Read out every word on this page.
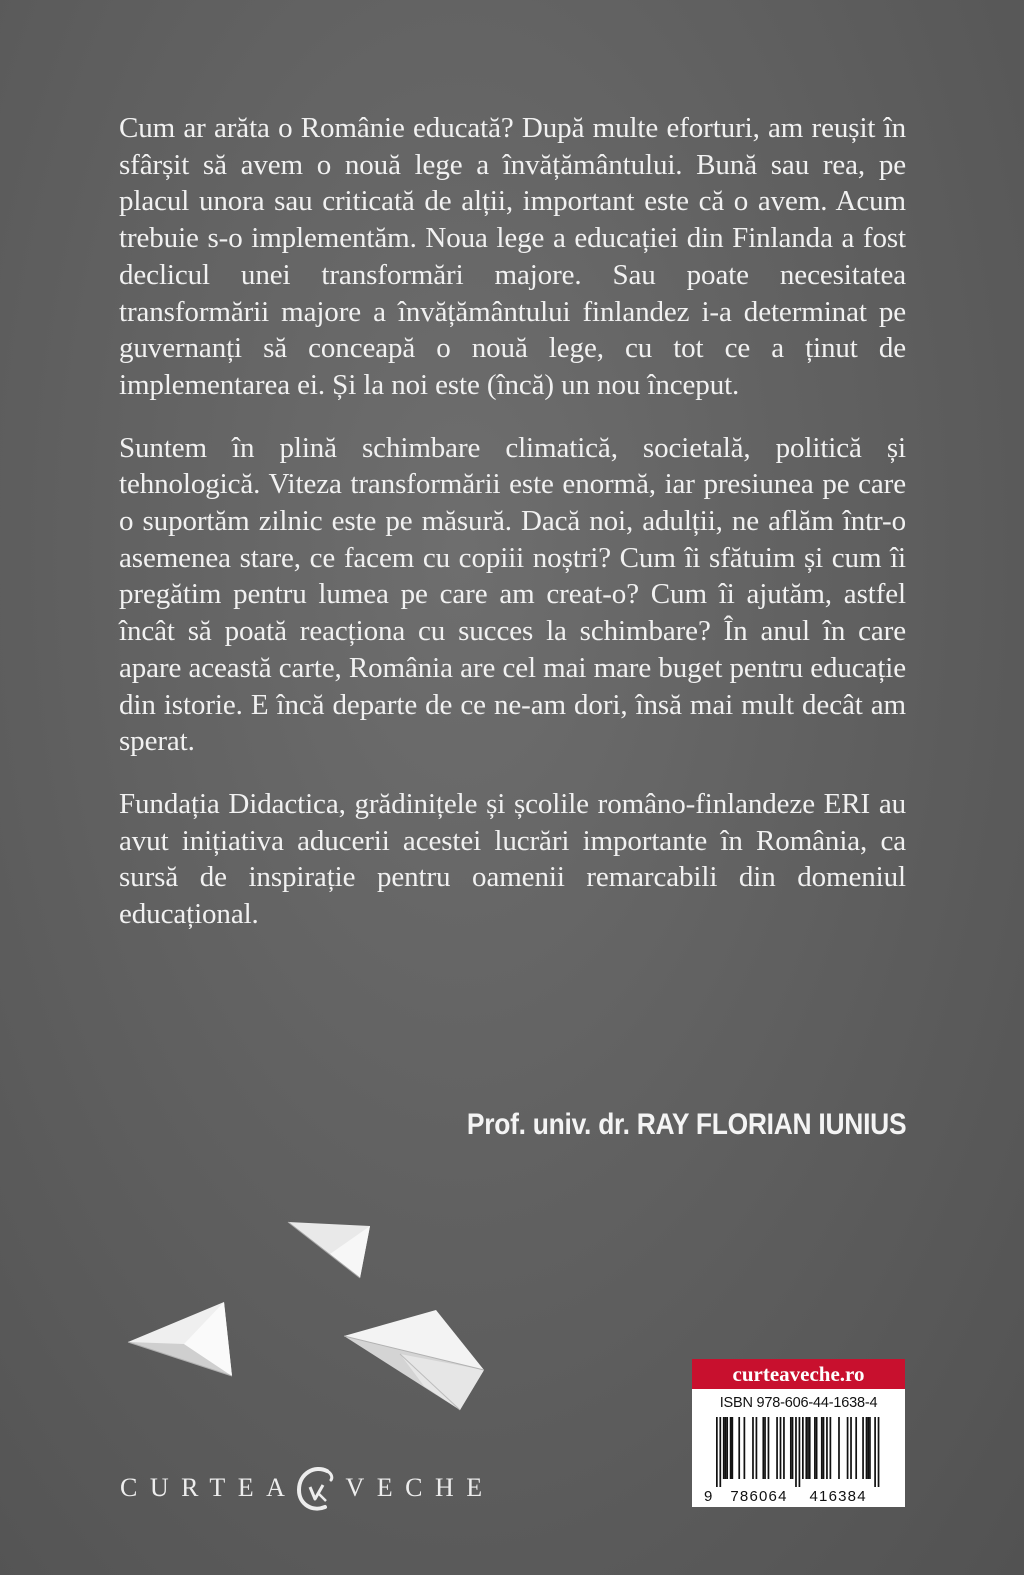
Cum ar arăta o Românie educată? După multe eforturi, am reușit în sfârșit să avem o nouă lege a învățământului. Bună sau rea, pe placul unora sau criticată de alții, important este că o avem. Acum trebuie s-o implementăm. Noua lege a educației din Finlanda a fost declicul unei transformări majore. Sau poate necesitatea transformării majore a învățământului finlandez i-a determinat pe guvernanți să conceapă o nouă lege, cu tot ce a ținut de implementarea ei. Și la noi este (încă) un nou început.

Suntem în plină schimbare climatică, societală, politică și tehnologică. Viteza transformării este enormă, iar presiunea pe care o suportăm zilnic este pe măsură. Dacă noi, adulții, ne aflăm într-o asemenea stare, ce facem cu copiii noștri? Cum îi sfătuim și cum îi pregătim pentru lumea pe care am creat-o? Cum îi ajutăm, astfel încât să poată reacționa cu succes la schimbare? În anul în care apare această carte, România are cel mai mare buget pentru educație din istorie. E încă departe de ce ne-am dori, însă mai mult decât am sperat.

Fundația Didactica, grădinițele și școlile româno-finlandeze ERI au avut inițiativa aducerii acestei lucrări importante în România, ca sursă de inspirație pentru oamenii remarcabili din domeniul educațional.

Prof. univ. dr. RAY FLORIAN IUNIUS
CURTEA VECHE
curteaveche.ro
ISBN 978-606-44-1638-4
9 786064 416384
